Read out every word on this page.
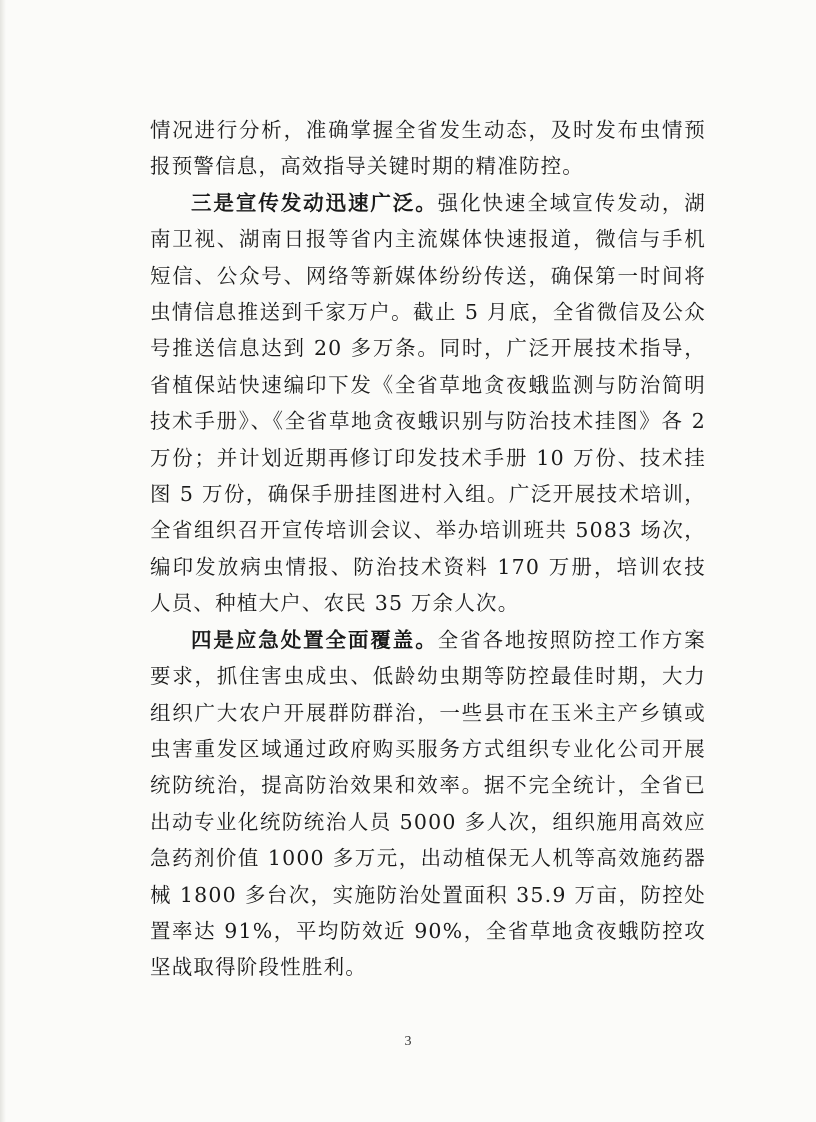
情况进行分析，准确掌握全省发生动态，及时发布虫情预报预警信息，高效指导关键时期的精准防控。

三是宣传发动迅速广泛。强化快速全域宣传发动，湖南卫视、湖南日报等省内主流媒体快速报道，微信与手机短信、公众号、网络等新媒体纷纷传送，确保第一时间将虫情信息推送到千家万户。截止 5 月底，全省微信及公众号推送信息达到 20 多万条。同时，广泛开展技术指导，省植保站快速编印下发《全省草地贪夜蛾监测与防治简明技术手册》、《全省草地贪夜蛾识别与防治技术挂图》各 2 万份；并计划近期再修订印发技术手册 10 万份、技术挂图 5 万份，确保手册挂图进村入组。广泛开展技术培训，全省组织召开宣传培训会议、举办培训班共 5083 场次，编印发放病虫情报、防治技术资料 170 万册，培训农技人员、种植大户、农民 35 万余人次。

四是应急处置全面覆盖。全省各地按照防控工作方案要求，抓住害虫成虫、低龄幼虫期等防控最佳时期，大力组织广大农户开展群防群治，一些县市在玉米主产乡镇或虫害重发区域通过政府购买服务方式组织专业化公司开展统防统治，提高防治效果和效率。据不完全统计，全省已出动专业化统防统治人员 5000 多人次，组织施用高效应急药剂价值 1000 多万元，出动植保无人机等高效施药器械 1800 多台次，实施防治处置面积 35.9 万亩，防控处置率达 91%，平均防效近 90%，全省草地贪夜蛾防控攻坚战取得阶段性胜利。

3
